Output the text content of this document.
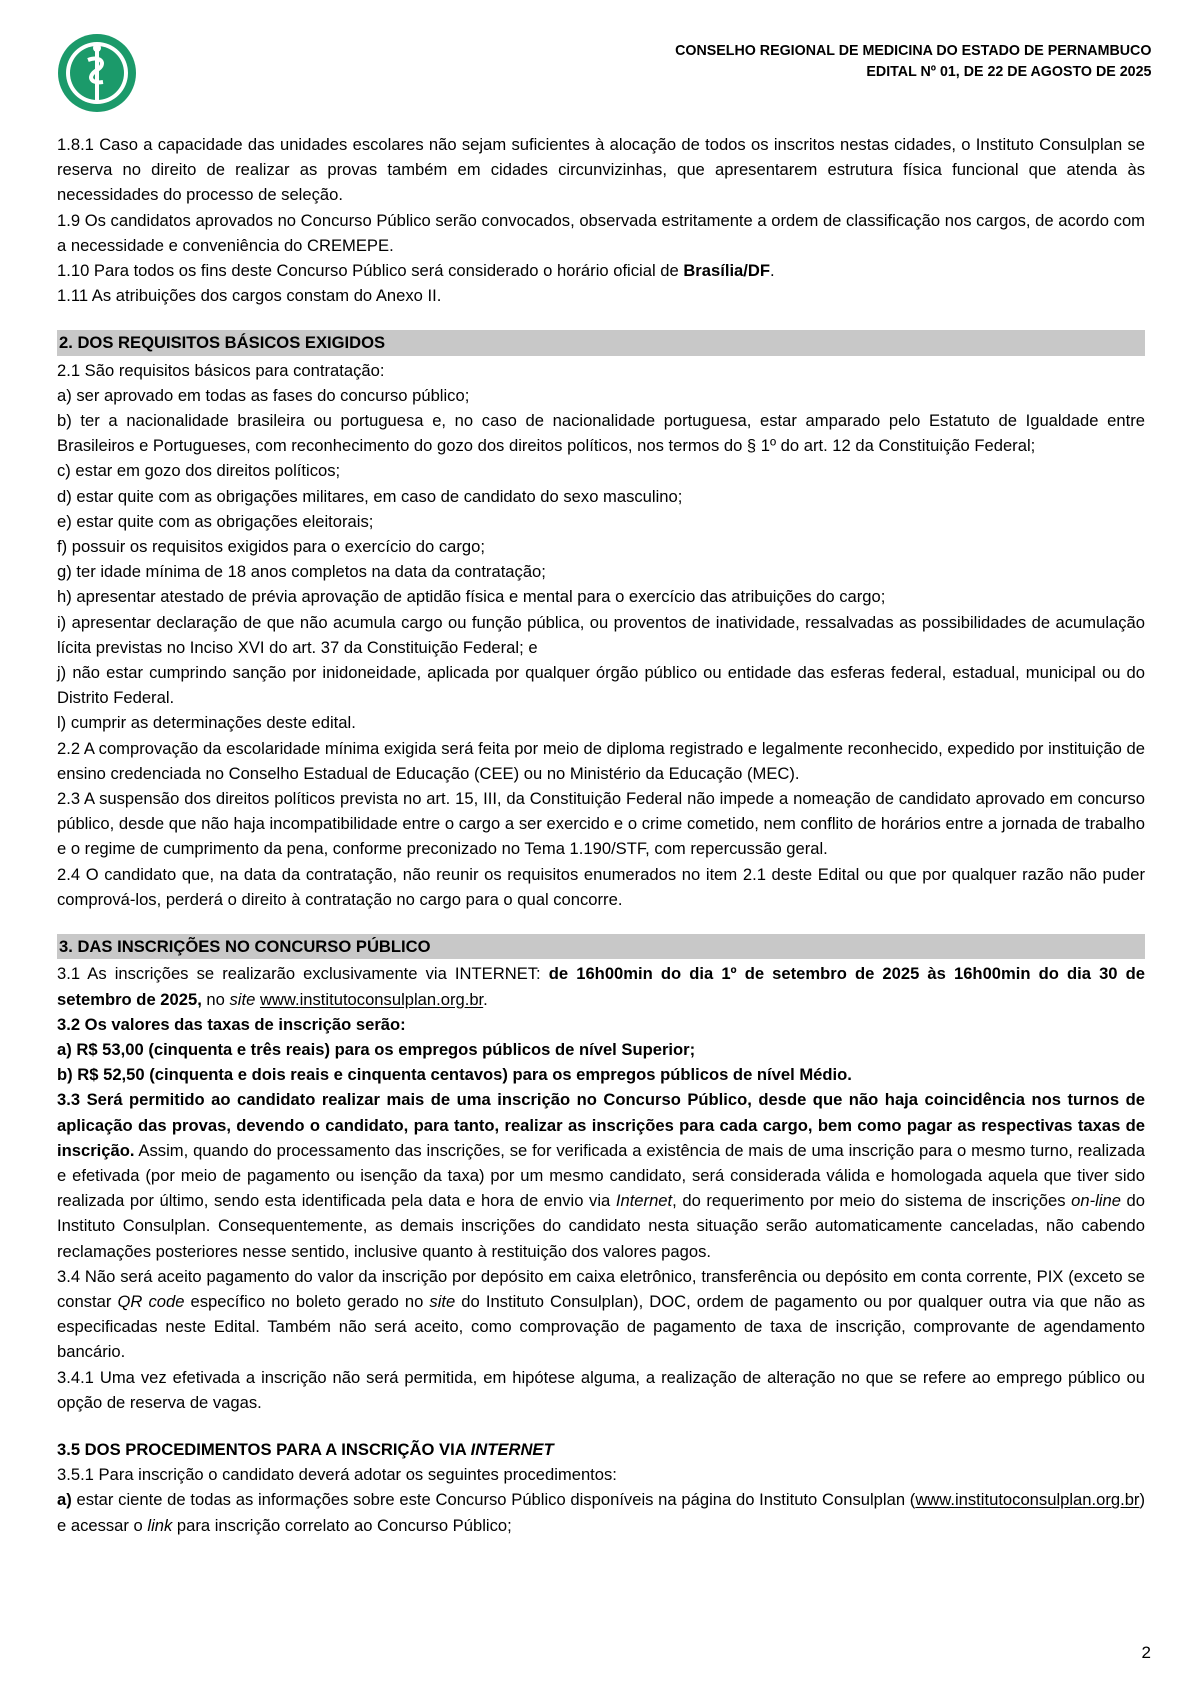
CONSELHO REGIONAL DE MEDICINA DO ESTADO DE PERNAMBUCO
EDITAL Nº 01, DE 22 DE AGOSTO DE 2025
1.8.1 Caso a capacidade das unidades escolares não sejam suficientes à alocação de todos os inscritos nestas cidades, o Instituto Consulplan se reserva no direito de realizar as provas também em cidades circunvizinhas, que apresentarem estrutura física funcional que atenda às necessidades do processo de seleção.
1.9 Os candidatos aprovados no Concurso Público serão convocados, observada estritamente a ordem de classificação nos cargos, de acordo com a necessidade e conveniência do CREMEPE.
1.10 Para todos os fins deste Concurso Público será considerado o horário oficial de Brasília/DF.
1.11 As atribuições dos cargos constam do Anexo II.
2. DOS REQUISITOS BÁSICOS EXIGIDOS
2.1 São requisitos básicos para contratação:
a) ser aprovado em todas as fases do concurso público;
b) ter a nacionalidade brasileira ou portuguesa e, no caso de nacionalidade portuguesa, estar amparado pelo Estatuto de Igualdade entre Brasileiros e Portugueses, com reconhecimento do gozo dos direitos políticos, nos termos do § 1º do art. 12 da Constituição Federal;
c) estar em gozo dos direitos políticos;
d) estar quite com as obrigações militares, em caso de candidato do sexo masculino;
e) estar quite com as obrigações eleitorais;
f) possuir os requisitos exigidos para o exercício do cargo;
g) ter idade mínima de 18 anos completos na data da contratação;
h) apresentar atestado de prévia aprovação de aptidão física e mental para o exercício das atribuições do cargo;
i) apresentar declaração de que não acumula cargo ou função pública, ou proventos de inatividade, ressalvadas as possibilidades de acumulação lícita previstas no Inciso XVI do art. 37 da Constituição Federal; e
j) não estar cumprindo sanção por inidoneidade, aplicada por qualquer órgão público ou entidade das esferas federal, estadual, municipal ou do Distrito Federal.
l) cumprir as determinações deste edital.
2.2 A comprovação da escolaridade mínima exigida será feita por meio de diploma registrado e legalmente reconhecido, expedido por instituição de ensino credenciada no Conselho Estadual de Educação (CEE) ou no Ministério da Educação (MEC).
2.3 A suspensão dos direitos políticos prevista no art. 15, III, da Constituição Federal não impede a nomeação de candidato aprovado em concurso público, desde que não haja incompatibilidade entre o cargo a ser exercido e o crime cometido, nem conflito de horários entre a jornada de trabalho e o regime de cumprimento da pena, conforme preconizado no Tema 1.190/STF, com repercussão geral.
2.4 O candidato que, na data da contratação, não reunir os requisitos enumerados no item 2.1 deste Edital ou que por qualquer razão não puder comprová-los, perderá o direito à contratação no cargo para o qual concorre.
3. DAS INSCRIÇÕES NO CONCURSO PÚBLICO
3.1 As inscrições se realizarão exclusivamente via INTERNET: de 16h00min do dia 1º de setembro de 2025 às 16h00min do dia 30 de setembro de 2025, no site www.institutoconsulplan.org.br.
3.2 Os valores das taxas de inscrição serão:
a) R$ 53,00 (cinquenta e três reais) para os empregos públicos de nível Superior;
b) R$ 52,50 (cinquenta e dois reais e cinquenta centavos) para os empregos públicos de nível Médio.
3.3 Será permitido ao candidato realizar mais de uma inscrição no Concurso Público, desde que não haja coincidência nos turnos de aplicação das provas, devendo o candidato, para tanto, realizar as inscrições para cada cargo, bem como pagar as respectivas taxas de inscrição. Assim, quando do processamento das inscrições, se for verificada a existência de mais de uma inscrição para o mesmo turno, realizada e efetivada (por meio de pagamento ou isenção da taxa) por um mesmo candidato, será considerada válida e homologada aquela que tiver sido realizada por último, sendo esta identificada pela data e hora de envio via Internet, do requerimento por meio do sistema de inscrições on-line do Instituto Consulplan. Consequentemente, as demais inscrições do candidato nesta situação serão automaticamente canceladas, não cabendo reclamações posteriores nesse sentido, inclusive quanto à restituição dos valores pagos.
3.4 Não será aceito pagamento do valor da inscrição por depósito em caixa eletrônico, transferência ou depósito em conta corrente, PIX (exceto se constar QR code específico no boleto gerado no site do Instituto Consulplan), DOC, ordem de pagamento ou por qualquer outra via que não as especificadas neste Edital. Também não será aceito, como comprovação de pagamento de taxa de inscrição, comprovante de agendamento bancário.
3.4.1 Uma vez efetivada a inscrição não será permitida, em hipótese alguma, a realização de alteração no que se refere ao emprego público ou opção de reserva de vagas.
3.5 DOS PROCEDIMENTOS PARA A INSCRIÇÃO VIA INTERNET
3.5.1 Para inscrição o candidato deverá adotar os seguintes procedimentos:
a) estar ciente de todas as informações sobre este Concurso Público disponíveis na página do Instituto Consulplan (www.institutoconsulplan.org.br) e acessar o link para inscrição correlato ao Concurso Público;
2
